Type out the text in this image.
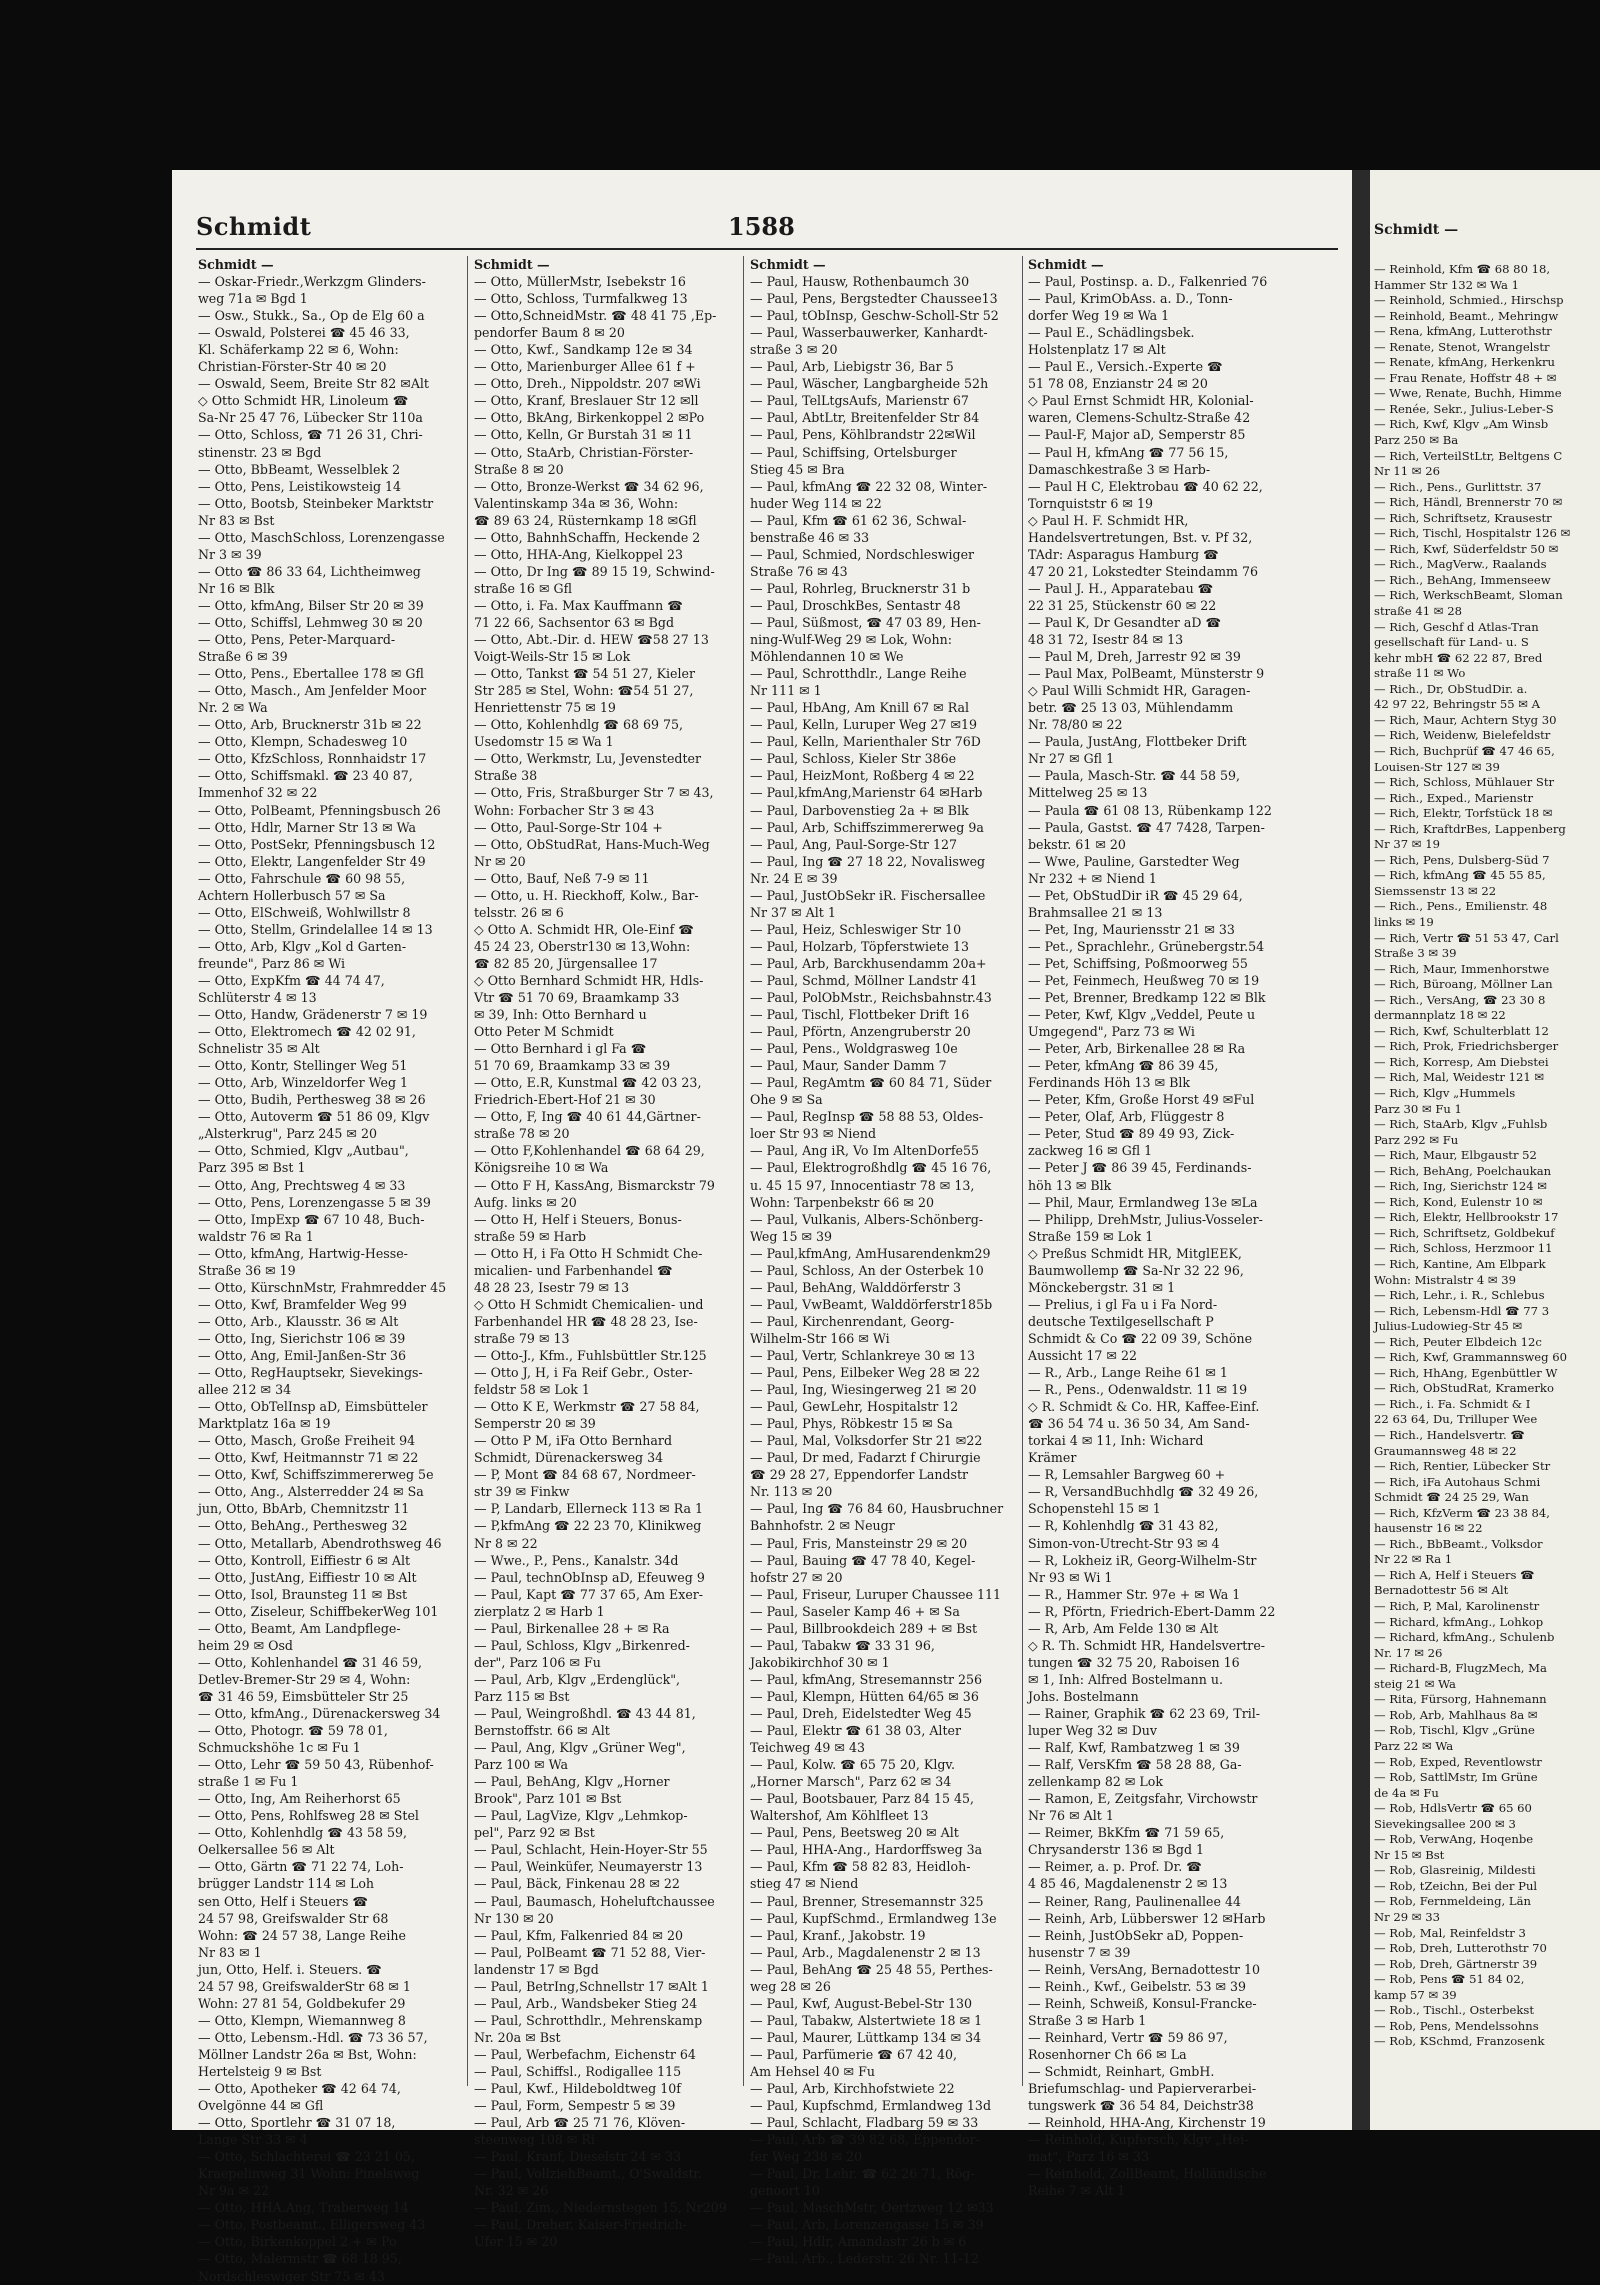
Schmidt	1588
Schmidt —
— Oskar-Friedr.,Werkzgm Glinders-
weg 71a ✉ Bgd 1
— Osw., Stukk., Sa., Op de Elg 60 a
— Oswald, Polsterei ☎ 45 46 33,
Kl. Schäferkamp 22 ✉ 6, Wohn:
Christian-Förster-Str 40 ✉ 20
— Oswald, Seem, Breite Str 82 ✉Alt
◇ Otto Schmidt HR, Linoleum ☎
Sa-Nr 25 47 76, Lübecker Str 110a
— Otto, Schloss, ☎ 71 26 31, Chri-
stinenstr. 23 ✉ Bgd
— Otto, BbBeamt, Wesselblek 2
— Otto, Pens, Leistikowsteig 14
— Otto, Bootsb, Steinbeker Marktstr
Nr 83 ✉ Bst
— Otto, MaschSchloss, Lorenzengasse
Nr 3 ✉ 39
— Otto ☎ 86 33 64, Lichtheimweg
Nr 16 ✉ Blk
— Otto, kfmAng, Bilser Str 20 ✉ 39
— Otto, Schiffsl, Lehmweg 30 ✉ 20
— Otto, Pens, Peter-Marquard-
Straße 6 ✉ 39
— Otto, Pens., Ebertallee 178 ✉ Gfl
— Otto, Masch., Am Jenfelder Moor
Nr. 2 ✉ Wa
— Otto, Arb, Brucknerstr 31b ✉ 22
— Otto, Klempn, Schadesweg 10
— Otto, KfzSchloss, Ronnhaidstr 17
— Otto, Schiffsmakl. ☎ 23 40 87,
Immenhof 32 ✉ 22
— Otto, PolBeamt, Pfenningsbusch 26
— Otto, Hdlr, Marner Str 13 ✉ Wa
— Otto, PostSekr, Pfenningsbusch 12
— Otto, Elektr, Langenfelder Str 49
— Otto, Fahrschule ☎ 60 98 55,
Achtern Hollerbusch 57 ✉ Sa
— Otto, ElSchweiß, Wohlwillstr 8
— Otto, Stellm, Grindelallee 14 ✉ 13
— Otto, Arb, Klgv „Kol d Garten-
freunde", Parz 86 ✉ Wi
— Otto, ExpKfm ☎ 44 74 47,
Schlüterstr 4 ✉ 13
— Otto, Handw, Grädenerstr 7 ✉ 19
— Otto, Elektromech ☎ 42 02 91,
Schnelistr 35 ✉ Alt
— Otto, Kontr, Stellinger Weg 51
— Otto, Arb, Winzeldorfer Weg 1
— Otto, Budih, Perthesweg 38 ✉ 26
— Otto, Autoverm ☎ 51 86 09, Klgv
„Alsterkrug", Parz 245 ✉ 20
— Otto, Schmied, Klgv „Autbau",
Parz 395 ✉ Bst 1
— Otto, Ang, Prechtsweg 4 ✉ 33
— Otto, Pens, Lorenzengasse 5 ✉ 39
— Otto, ImpExp ☎ 67 10 48, Buch-
waldstr 76 ✉ Ra 1
— Otto, kfmAng, Hartwig-Hesse-
Straße 36 ✉ 19
— Otto, KürschnMstr, Frahmredder 45
— Otto, Kwf, Bramfelder Weg 99
— Otto, Arb., Klausstr. 36 ✉ Alt
— Otto, Ing, Sierichstr 106 ✉ 39
— Otto, Ang, Emil-Janßen-Str 36
— Otto, RegHauptsekr, Sievekings-
allee 212 ✉ 34
— Otto, ObTelInsp aD, Eimsbütteler
Marktplatz 16a ✉ 19
— Otto, Masch, Große Freiheit 94
— Otto, Kwf, Heitmannstr 71 ✉ 22
— Otto, Kwf, Schiffszimmererweg 5e
— Otto, Ang., Alsterredder 24 ✉ Sa
jun, Otto, BbArb, Chemnitzstr 11
— Otto, BehAng., Perthesweg 32
— Otto, Metallarb, Abendrothsweg 46
— Otto, Kontroll, Eiffiestr 6 ✉ Alt
— Otto, JustAng, Eiffiestr 10 ✉ Alt
— Otto, Isol, Braunsteg 11 ✉ Bst
— Otto, Ziseleur, SchiffbekerWeg 101
— Otto, Beamt, Am Landpflege-
heim 29 ✉ Osd
— Otto, Kohlenhandel ☎ 31 46 59,
Detlev-Bremer-Str 29 ✉ 4, Wohn:
☎ 31 46 59, Eimsbütteler Str 25
— Otto, kfmAng., Dürenackersweg 34
— Otto, Photogr. ☎ 59 78 01,
Schmuckshöhe 1c ✉ Fu 1
— Otto, Lehr ☎ 59 50 43, Rübenhof-
straße 1 ✉ Fu 1
— Otto, Ing, Am Reiherhorst 65
— Otto, Pens, Rohlfsweg 28 ✉ Stel
— Otto, Kohlenhdlg ☎ 43 58 59,
Oelkersallee 56 ✉ Alt
— Otto, Gärtn ☎ 71 22 74, Loh-
brügger Landstr 114 ✉ Loh
sen Otto, Helf i Steuers ☎
24 57 98, Greifswalder Str 68
Wohn: ☎ 24 57 38, Lange Reihe
Nr 83 ✉ 1
jun, Otto, Helf. i. Steuers. ☎
24 57 98, GreifswalderStr 68 ✉ 1
Wohn: 27 81 54, Goldbekufer 29
— Otto, Klempn, Wiemannweg 8
— Otto, Lebensm.-Hdl. ☎ 73 36 57,
Möllner Landstr 26a ✉ Bst, Wohn:
Hertelsteig 9 ✉ Bst
— Otto, Apotheker ☎ 42 64 74,
Ovelgönne 44 ✉ Gfl
— Otto, Sportlehr ☎ 31 07 18,
Lange Str 33 ✉ 4
— Otto, Schlachterei ☎ 23 21 05,
Kraepelinweg 31 Wohn: Pinelsweg
Nr 9a ✉ 22
— Otto, HHA.Ang, Traberweg 14
— Otto, Postbeamt., Elligersweg 43
— Otto, Birkenkoppel 2 + ✉ Po
— Otto, Malermstr ☎ 68 18 95,
Nordschleswiger Str 75 ✉ 43
Schmidt —
— Otto, MüllerMstr, Isebekstr 16
— Otto, Schloss, Turmfalkweg 13
— Otto,SchneidMstr. ☎ 48 41 75 ,Ep-
pendorfer Baum 8 ✉ 20
— Otto, Kwf., Sandkamp 12e ✉ 34
— Otto, Marienburger Allee 61 f +
— Otto, Dreh., Nippoldstr. 207 ✉Wi
— Otto, Kranf, Breslauer Str 12 ✉ll
— Otto, BkAng, Birkenkoppel 2 ✉Po
— Otto, Kelln, Gr Burstah 31 ✉ 11
— Otto, StaArb, Christian-Förster-
Straße 8 ✉ 20
— Otto, Bronze-Werkst ☎ 34 62 96,
Valentinskamp 34a ✉ 36, Wohn:
☎ 89 63 24, Rüsternkamp 18 ✉Gfl
— Otto, BahnhSchaffn, Heckende 2
— Otto, HHA-Ang, Kielkoppel 23
— Otto, Dr Ing ☎ 89 15 19, Schwind-
straße 16 ✉ Gfl
— Otto, i. Fa. Max Kauffmann ☎
71 22 66, Sachsentor 63 ✉ Bgd
— Otto, Abt.-Dir. d. HEW ☎58 27 13
Voigt-Weils-Str 15 ✉ Lok
— Otto, Tankst ☎ 54 51 27, Kieler
Str 285 ✉ Stel, Wohn: ☎54 51 27,
Henriettenstr 75 ✉ 19
— Otto, Kohlenhdlg ☎ 68 69 75,
Usedomstr 15 ✉ Wa 1
— Otto, Werkmstr, Lu, Jevenstedter
Straße 38
— Otto, Fris, Straßburger Str 7 ✉ 43,
Wohn: Forbacher Str 3 ✉ 43
— Otto, Paul-Sorge-Str 104 +
— Otto, ObStudRat, Hans-Much-Weg
Nr ✉ 20
— Otto, Bauf, Neß 7-9 ✉ 11
— Otto, u. H. Rieckhoff, Kolw., Bar-
telsstr. 26 ✉ 6
◇ Otto A. Schmidt HR, Ole-Einf ☎
45 24 23, Oberstr130 ✉ 13,Wohn:
☎ 82 85 20, Jürgensallee 17
◇ Otto Bernhard Schmidt HR, Hdls-
Vtr ☎ 51 70 69, Braamkamp 33
✉ 39, Inh: Otto Bernhard u
Otto Peter M Schmidt
— Otto Bernhard i gl Fa ☎
51 70 69, Braamkamp 33 ✉ 39
— Otto, E.R, Kunstmal ☎ 42 03 23,
Friedrich-Ebert-Hof 21 ✉ 30
— Otto, F, Ing ☎ 40 61 44,Gärtner-
straße 78 ✉ 20
— Otto F,Kohlenhandel ☎ 68 64 29,
Königsreihe 10 ✉ Wa
— Otto F H, KassAng, Bismarckstr 79
Aufg. links ✉ 20
— Otto H, Helf i Steuers, Bonus-
straße 59 ✉ Harb
— Otto H, i Fa Otto H Schmidt Che-
micalien- und Farbenhandel ☎
48 28 23, Isestr 79 ✉ 13
◇ Otto H Schmidt Chemicalien- und
Farbenhandel HR ☎ 48 28 23, Ise-
straße 79 ✉ 13
— Otto-J., Kfm., Fuhlsbüttler Str.125
— Otto J, H, i Fa Reif Gebr., Oster-
feldstr 58 ✉ Lok 1
— Otto K E, Werkmstr ☎ 27 58 84,
Semperstr 20 ✉ 39
— Otto P M, iFa Otto Bernhard
Schmidt, Dürenackersweg 34
— P, Mont ☎ 84 68 67, Nordmeer-
str 39 ✉ Finkw
— P, Landarb, Ellerneck 113 ✉ Ra 1
— P,kfmAng ☎ 22 23 70, Klinikweg
Nr 8 ✉ 22
— Wwe., P., Pens., Kanalstr. 34d
— Paul, technObInsp aD, Efeuweg 9
— Paul, Kapt ☎ 77 37 65, Am Exer-
zierplatz 2 ✉ Harb 1
— Paul, Birkenallee 28 + ✉ Ra
— Paul, Schloss, Klgv „Birkenred-
der", Parz 106 ✉ Fu
— Paul, Arb, Klgv „Erdenglück",
Parz 115 ✉ Bst
— Paul, Weingroßhdl. ☎ 43 44 81,
Bernstoffstr. 66 ✉ Alt
— Paul, Ang, Klgv „Grüner Weg",
Parz 100 ✉ Wa
— Paul, BehAng, Klgv „Horner
Brook", Parz 101 ✉ Bst
— Paul, LagVize, Klgv „Lehmkop-
pel", Parz 92 ✉ Bst
— Paul, Schlacht, Hein-Hoyer-Str 55
— Paul, Weinküfer, Neumayerstr 13
— Paul, Bäck, Finkenau 28 ✉ 22
— Paul, Baumasch, Hoheluftchaussee
Nr 130 ✉ 20
— Paul, Kfm, Falkenried 84 ✉ 20
— Paul, PolBeamt ☎ 71 52 88, Vier-
landenstr 17 ✉ Bgd
— Paul, BetrIng,Schnellstr 17 ✉Alt 1
— Paul, Arb., Wandsbeker Stieg 24
— Paul, Schrotthdlr., Mehrenskamp
Nr. 20a ✉ Bst
— Paul, Werbefachm, Eichenstr 64
— Paul, Schiffsl., Rodigallee 115
— Paul, Kwf., Hildeboldtweg 10f
— Paul, Form, Sempestr 5 ✉ 39
— Paul, Arb ☎ 25 71 76, Klöven-
steenweg 108 ✉ Ri
— Paul, Kranf, Dieselstr 24 ✉ 33
— Paul, VollziehBeamt., O'Swaldstr.
Nr. 32 ✉ 26
— Paul, Zim., Niedernstegen 15, Nr209
— Paul, Dreher, Kaiser-Friedrich-
Ufer 15 ✉ 20
Schmidt —
— Paul, Hausw, Rothenbaumch 30
— Paul, Pens, Bergstedter Chaussee13
— Paul, tObInsp, Geschw-Scholl-Str 52
— Paul, Wasserbauwerker, Kanhardt-
straße 3 ✉ 20
— Paul, Arb, Liebigstr 36, Bar 5
— Paul, Wäscher, Langbargheide 52h
— Paul, TelLtgsAufs, Marienstr 67
— Paul, AbtLtr, Breitenfelder Str 84
— Paul, Pens, Köhlbrandstr 22✉Wil
— Paul, Schiffsing, Ortelsburger
Stieg 45 ✉ Bra
— Paul, kfmAng ☎ 22 32 08, Winter-
huder Weg 114 ✉ 22
— Paul, Kfm ☎ 61 62 36, Schwal-
benstraße 46 ✉ 33
— Paul, Schmied, Nordschleswiger
Straße 76 ✉ 43
— Paul, Rohrleg, Brucknerstr 31 b
— Paul, DroschkBes, Sentastr 48
— Paul, Süßmost, ☎ 47 03 89, Hen-
ning-Wulf-Weg 29 ✉ Lok, Wohn:
Möhlendannen 10 ✉ We
— Paul, Schrotthdlr., Lange Reihe
Nr 111 ✉ 1
— Paul, HbAng, Am Knill 67 ✉ Ral
— Paul, Kelln, Luruper Weg 27 ✉19
— Paul, Kelln, Marienthaler Str 76D
— Paul, Schloss, Kieler Str 386e
— Paul, HeizMont, Roßberg 4 ✉ 22
— Paul,kfmAng,Marienstr 64 ✉Harb
— Paul, Darbovenstieg 2a + ✉ Blk
— Paul, Arb, Schiffszimmererweg 9a
— Paul, Ang, Paul-Sorge-Str 127
— Paul, Ing ☎ 27 18 22, Novalisweg
Nr. 24 E ✉ 39
— Paul, JustObSekr iR. Fischersallee
Nr 37 ✉ Alt 1
— Paul, Heiz, Schleswiger Str 10
— Paul, Holzarb, Töpferstwiete 13
— Paul, Arb, Barckhusendamm 20a+
— Paul, Schmd, Möllner Landstr 41
— Paul, PolObMstr., Reichsbahnstr.43
— Paul, Tischl, Flottbeker Drift 16
— Paul, Pförtn, Anzengruberstr 20
— Paul, Pens., Woldgrasweg 10e
— Paul, Maur, Sander Damm 7
— Paul, RegAmtm ☎ 60 84 71, Süder
Ohe 9 ✉ Sa
— Paul, RegInsp ☎ 58 88 53, Oldes-
loer Str 93 ✉ Niend
— Paul, Ang iR, Vo Im AltenDorfe55
— Paul, Elektrogroßhdlg ☎ 45 16 76,
u. 45 15 97, Innocentiastr 78 ✉ 13,
Wohn: Tarpenbekstr 66 ✉ 20
— Paul, Vulkanis, Albers-Schönberg-
Weg 15 ✉ 39
— Paul,kfmAng, AmHusarendenkm29
— Paul, Schloss, An der Osterbek 10
— Paul, BehAng, Walddörferstr 3
— Paul, VwBeamt, Walddörferstr185b
— Paul, Kirchenrendant, Georg-
Wilhelm-Str 166 ✉ Wi
— Paul, Vertr, Schlankreye 30 ✉ 13
— Paul, Pens, Eilbeker Weg 28 ✉ 22
— Paul, Ing, Wiesingerweg 21 ✉ 20
— Paul, GewLehr, Hospitalstr 12
— Paul, Phys, Röbkestr 15 ✉ Sa
— Paul, Mal, Volksdorfer Str 21 ✉22
— Paul, Dr med, Fadarzt f Chirurgie
☎ 29 28 27, Eppendorfer Landstr
Nr. 113 ✉ 20
— Paul, Ing ☎ 76 84 60, Hausbruchner
Bahnhofstr. 2 ✉ Neugr
— Paul, Fris, Mansteinstr 29 ✉ 20
— Paul, Bauing ☎ 47 78 40, Kegel-
hofstr 27 ✉ 20
— Paul, Friseur, Luruper Chaussee 111
— Paul, Saseler Kamp 46 + ✉ Sa
— Paul, Billbrookdeich 289 + ✉ Bst
— Paul, Tabakw ☎ 33 31 96,
Jakobikirchhof 30 ✉ 1
— Paul, kfmAng, Stresemannstr 256
— Paul, Klempn, Hütten 64/65 ✉ 36
— Paul, Dreh, Eidelstedter Weg 45
— Paul, Elektr ☎ 61 38 03, Alter
Teichweg 49 ✉ 43
— Paul, Kolw. ☎ 65 75 20, Klgv.
„Horner Marsch", Parz 62 ✉ 34
— Paul, Bootsbauer, Parz 84 15 45,
Waltershof, Am Köhlfleet 13
— Paul, Pens, Beetsweg 20 ✉ Alt
— Paul, HHA-Ang., Hardorffsweg 3a
— Paul, Kfm ☎ 58 82 83, Heidloh-
stieg 47 ✉ Niend
— Paul, Brenner, Stresemannstr 325
— Paul, KupfSchmd., Ermlandweg 13e
— Paul, Kranf., Jakobstr. 19
— Paul, Arb., Magdalenenstr 2 ✉ 13
— Paul, BehAng ☎ 25 48 55, Perthes-
weg 28 ✉ 26
— Paul, Kwf, August-Bebel-Str 130
— Paul, Tabakw, Alstertwiete 18 ✉ 1
— Paul, Maurer, Lüttkamp 134 ✉ 34
— Paul, Parfümerie ☎ 67 42 40,
Am Hehsel 40 ✉ Fu
— Paul, Arb, Kirchhofstwiete 22
— Paul, Kupfschmd, Ermlandweg 13d
— Paul, Schlacht, Fladbarg 59 ✉ 33
— Paul, Arb ☎ 39 82 68, Eppendor-
fer Weg 238 ✉ 20
— Paul, Dr. Lehr. ☎ 62 26 71, Rög-
genoort 10
— Paul, MaschMstr, Oertzweg 12 ✉33
— Paul, Arb, Lorenzengasse 15 ✉ 39
— Paul, Hdlr, Amandastr 26 b ✉ 6
— Paul, Arb., Lederstr. 26 Nr. 11-12
Schmidt —
— Paul, Postinsp. a. D., Falkenried 76
— Paul, KrimObAss. a. D., Tonn-
dorfer Weg 19 ✉ Wa 1
— Paul E., Schädlingsbek.
Holstenplatz 17 ✉ Alt
— Paul E., Versich.-Experte ☎
51 78 08, Enzianstr 24 ✉ 20
◇ Paul Ernst Schmidt HR, Kolonial-
waren, Clemens-Schultz-Straße 42
— Paul-F, Major aD, Semperstr 85
— Paul H, kfmAng ☎ 77 56 15,
Damaschkestraße 3 ✉ Harb-
— Paul H C, Elektrobau ☎ 40 62 22,
Tornquiststr 6 ✉ 19
◇ Paul H. F. Schmidt HR,
Handelsvertretungen, Bst. v. Pf 32,
TAdr: Asparagus Hamburg ☎
47 20 21, Lokstedter Steindamm 76
— Paul J. H., Apparatebau ☎
22 31 25, Stückenstr 60 ✉ 22
— Paul K, Dr Gesandter aD ☎
48 31 72, Isestr 84 ✉ 13
— Paul M, Dreh, Jarrestr 92 ✉ 39
— Paul Max, PolBeamt, Münsterstr 9
◇ Paul Willi Schmidt HR, Garagen-
betr. ☎ 25 13 03, Mühlendamm
Nr. 78/80 ✉ 22
— Paula, JustAng, Flottbeker Drift
Nr 27 ✉ Gfl 1
— Paula, Masch-Str. ☎ 44 58 59,
Mittelweg 25 ✉ 13
— Paula ☎ 61 08 13, Rübenkamp 122
— Paula, Gastst. ☎ 47 7428, Tarpen-
bekstr. 61 ✉ 20
— Wwe, Pauline, Garstedter Weg
Nr 232 + ✉ Niend 1
— Pet, ObStudDir iR ☎ 45 29 64,
Brahmsallee 21 ✉ 13
— Pet, Ing, Mauriensstr 21 ✉ 33
— Pet., Sprachlehr., Grünebergstr.54
— Pet, Schiffsing, Poßmoorweg 55
— Pet, Feinmech, Heußweg 70 ✉ 19
— Pet, Brenner, Bredkamp 122 ✉ Blk
— Peter, Kwf, Klgv „Veddel, Peute u
Umgegend", Parz 73 ✉ Wi
— Peter, Arb, Birkenallee 28 ✉ Ra
— Peter, kfmAng ☎ 86 39 45,
Ferdinands Höh 13 ✉ Blk
— Peter, Kfm, Große Horst 49 ✉Ful
— Peter, Olaf, Arb, Flüggestr 8
— Peter, Stud ☎ 89 49 93, Zick-
zackweg 16 ✉ Gfl 1
— Peter J ☎ 86 39 45, Ferdinands-
höh 13 ✉ Blk
— Phil, Maur, Ermlandweg 13e ✉La
— Philipp, DrehMstr, Julius-Vosseler-
Straße 159 ✉ Lok 1
◇ Preßus Schmidt HR, MitglEEK,
Baumwollemp ☎ Sa-Nr 32 22 96,
Mönckebergstr. 31 ✉ 1
— Prelius, i gl Fa u i Fa Nord-
deutsche Textilgesellschaft P
Schmidt & Co ☎ 22 09 39, Schöne
Aussicht 17 ✉ 22
— R., Arb., Lange Reihe 61 ✉ 1
— R., Pens., Odenwaldstr. 11 ✉ 19
◇ R. Schmidt & Co. HR, Kaffee-Einf.
☎ 36 54 74 u. 36 50 34, Am Sand-
torkai 4 ✉ 11, Inh: Wichard
Krämer
— R, Lemsahler Bargweg 60 +
— R, VersandBuchhdlg ☎ 32 49 26,
Schopenstehl 15 ✉ 1
— R, Kohlenhdlg ☎ 31 43 82,
Simon-von-Utrecht-Str 93 ✉ 4
— R, Lokheiz iR, Georg-Wilhelm-Str
Nr 93 ✉ Wi 1
— R., Hammer Str. 97e + ✉ Wa 1
— R, Pförtn, Friedrich-Ebert-Damm 22
— R, Arb, Am Felde 130 ✉ Alt
◇ R. Th. Schmidt HR, Handelsvertre-
tungen ☎ 32 75 20, Raboisen 16
✉ 1, Inh: Alfred Bostelmann u.
Johs. Bostelmann
— Rainer, Graphik ☎ 62 23 69, Tril-
luper Weg 32 ✉ Duv
— Ralf, Kwf, Rambatzweg 1 ✉ 39
— Ralf, VersKfm ☎ 58 28 88, Ga-
zellenkamp 82 ✉ Lok
— Ramon, E, Zeitgsfahr, Virchowstr
Nr 76 ✉ Alt 1
— Reimer, BkKfm ☎ 71 59 65,
Chrysanderstr 136 ✉ Bgd 1
— Reimer, a. p. Prof. Dr. ☎
4 85 46, Magdalenenstr 2 ✉ 13
— Reiner, Rang, Paulinenallee 44
— Reinh, Arb, Lübberswег 12 ✉Harb
— Reinh, JustObSekr aD, Poppen-
husenstr 7 ✉ 39
— Reinh, VersAng, Bernadottestr 10
— Reinh., Kwf., Geibelstr. 53 ✉ 39
— Reinh, Schweiß, Konsul-Francke-
Straße 3 ✉ Harb 1
— Reinhard, Vertr ☎ 59 86 97,
Rosenhorner Ch 66 ✉ La
— Schmidt, Reinhart, GmbH.
Briefumschlag- und Papierverarbei-
tungswerk ☎ 36 54 84, Deichstr38
— Reinhold, HHA-Ang, Kirchenstr 19
— Reinhold, Kupfersch, Klgv „Hei-
mat", Parz 16 ✉ 33
— Reinhold, ZollBeamt, Holländische
Reihe 7 ✉ Alt 1
Schmidt —
— Reinhold, Kfm ☎ 68 80 18,
Hammer Str 132 ✉ Wa 1
— Reinhold, Schmied., Hirschsp
— Reinhold, Beamt., Mehringw
— Rena, kfmAng, Lutterothstr
— Renate, Stenot, Wrangelstr
— Renate, kfmAng, Herkenkru
— Frau Renate, Hoffstr 48 + ✉
— Wwe, Renate, Buchh, Himme
— Renée, Sekr., Julius-Leber-S
— Rich, Kwf, Klgv „Am Winsb
Parz 250 ✉ Ba
— Rich, VerteilStLtr, Beltgens C
Nr 11 ✉ 26
— Rich., Pens., Gurlittstr. 37
— Rich, Händl, Brennerstr 70 ✉
— Rich, Schriftsetz, Krausestr
— Rich, Tischl, Hospitalstr 126 ✉
— Rich, Kwf, Süderfeldstr 50 ✉
— Rich., MagVerw., Raalands
— Rich., BehAng, Immenseew
— Rich, WerkschBeamt, Sloman
straße 41 ✉ 28
— Rich, Geschf d Atlas-Tran
gesellschaft für Land- u. S
kehr mbH ☎ 62 22 87, Bred
straße 11 ✉ Wo
— Rich., Dr, ObStudDir. a.
42 97 22, Behringstr 55 ✉ A
— Rich, Maur, Achtern Styg 30
— Rich, Weidenw, Bielefeldstr
— Rich, Buchprüf ☎ 47 46 65,
Louisen-Str 127 ✉ 39
— Rich, Schloss, Mühlauer Str
— Rich., Exped., Marienstr
— Rich, Elektr, Torfstück 18 ✉
— Rich, KraftdrBes, Lappenberg
Nr 37 ✉ 19
— Rich, Pens, Dulsberg-Süd 7
— Rich, kfmAng ☎ 45 55 85,
Siemssenstr 13 ✉ 22
— Rich., Pens., Emilienstr. 48
links ✉ 19
— Rich, Vertr ☎ 51 53 47, Carl
Straße 3 ✉ 39
— Rich, Maur, Immenhorstwe
— Rich, Büroang, Möllner Lan
— Rich., VersAng, ☎ 23 30 8
dermannplatz 18 ✉ 22
— Rich, Kwf, Schulterblatt 12
— Rich, Prok, Friedrichsberger
— Rich, Korresp, Am Diebstei
— Rich, Mal, Weidestr 121 ✉
— Rich, Klgv „Hummels
Parz 30 ✉ Fu 1
— Rich, StaArb, Klgv „Fuhlsb
Parz 292 ✉ Fu
— Rich, Maur, Elbgaustr 52
— Rich, BehAng, Poelchaukan
— Rich, Ing, Sierichstr 124 ✉
— Rich, Kond, Eulenstr 10 ✉
— Rich, Elektr, Hellbrookstr 17
— Rich, Schriftsetz, Goldbekuf
— Rich, Schloss, Herzmoor 11
— Rich, Kantine, Am Elbpark
Wohn: Mistralstr 4 ✉ 39
— Rich, Lehr., i. R., Schlebus
— Rich, Lebensm-Hdl ☎ 77 3
Julius-Ludowieg-Str 45 ✉
— Rich, Peuter Elbdeich 12c
— Rich, Kwf, Grammannsweg 60
— Rich, HhAng, Egenbüttler W
— Rich, ObStudRat, Kramerko
— Rich., i. Fa. Schmidt & I
22 63 64, Du, Trilluper Wee
— Rich., Handelsvertr. ☎
Graumannsweg 48 ✉ 22
— Rich, Rentier, Lübecker Str
— Rich, iFa Autohaus Schmi
Schmidt ☎ 24 25 29, Wan
— Rich, KfzVerm ☎ 23 38 84,
hausenstr 16 ✉ 22
— Rich., BbBeamt., Volksdor
Nr 22 ✉ Ra 1
— Rich A, Helf i Steuers ☎
Bernadottestr 56 ✉ Alt
— Rich, P, Mal, Karolinenstr
— Richard, kfmAng., Lohkop
— Richard, kfmAng., Schulenb
Nr. 17 ✉ 26
— Richard-B, FlugzMech, Ma
steig 21 ✉ Wa
— Rita, Fürsorg, Hahnemann
— Rob, Arb, Mahlhaus 8a ✉
— Rob, Tischl, Klgv „Grüne
Parz 22 ✉ Wa
— Rob, Exped, Reventlowstr
— Rob, SattlMstr, Im Grüne
de 4a ✉ Fu
— Rob, HdlsVertr ☎ 65 60
Sievekingsallee 200 ✉ 3
— Rob, VerwAng, Hoqenbe
Nr 15 ✉ Bst
— Rob, Glasreinig, Mildesti
— Rob, tZeichn, Bei der Pul
— Rob, Fernmeldeing, Län
Nr 29 ✉ 33
— Rob, Mal, Reinfeldstr 3
— Rob, Dreh, Lutterothstr 70
— Rob, Dreh, Gärtnerstr 39
— Rob, Pens ☎ 51 84 02,
kamp 57 ✉ 39
— Rob., Tischl., Osterbekst
— Rob, Pens, Mendelssohns
— Rob, KSchmd, Franzosenk
